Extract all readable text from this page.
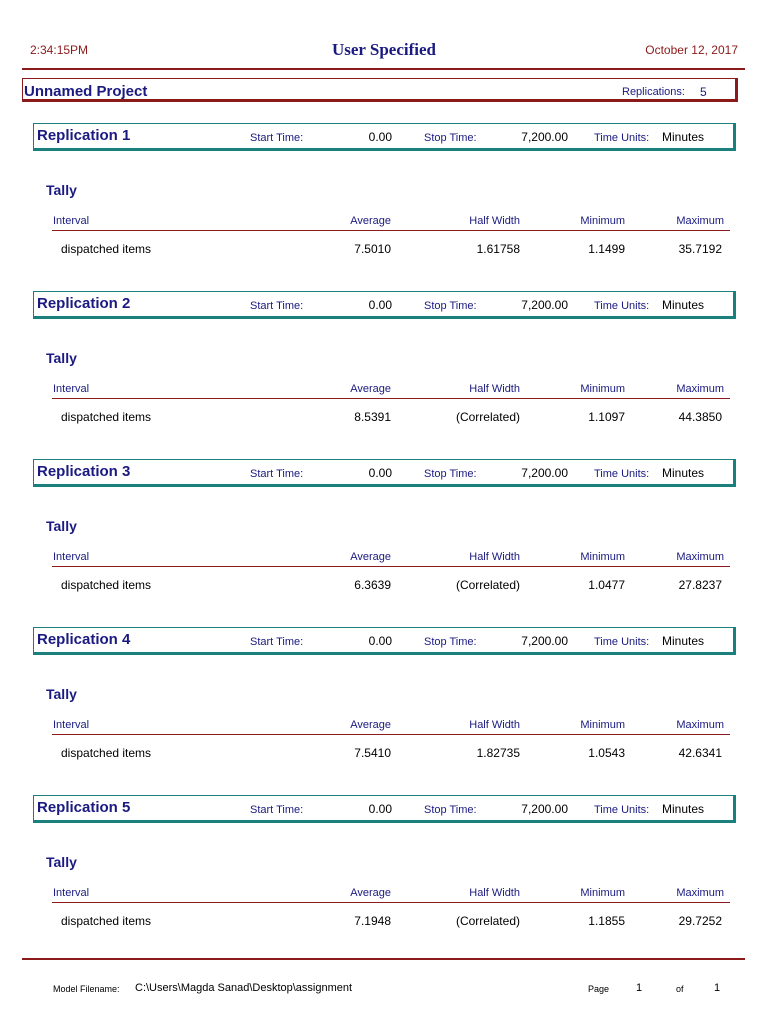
2:34:15PM	User Specified	October 12, 2017
Unnamed Project	Replications: 5
Replication 1	Start Time:	0.00	Stop Time:	7,200.00 Time Units: Minutes
Tally
Interval	Average	Half Width	Minimum	Maximum
dispatched items	7.5010	1.61758	1.1499	35.7192
Replication 2	Start Time:	0.00	Stop Time:	7,200.00 Time Units: Minutes
Tally
Interval	Average	Half Width	Minimum	Maximum
dispatched items	8.5391	(Correlated)	1.1097	44.3850
Replication 3	Start Time:	0.00	Stop Time:	7,200.00 Time Units: Minutes
Tally
Interval	Average	Half Width	Minimum	Maximum
dispatched items	6.3639	(Correlated)	1.0477	27.8237
Replication 4	Start Time:	0.00	Stop Time:	7,200.00 Time Units: Minutes
Tally
Interval	Average	Half Width	Minimum	Maximum
dispatched items	7.5410	1.82735	1.0543	42.6341
Replication 5	Start Time:	0.00	Stop Time:	7,200.00 Time Units: Minutes
Tally
Interval	Average	Half Width	Minimum	Maximum
dispatched items	7.1948	(Correlated)	1.1855	29.7252
Model Filename: C:\Users\Magda Sanad\Desktop\assignment	Page 1	of	1
